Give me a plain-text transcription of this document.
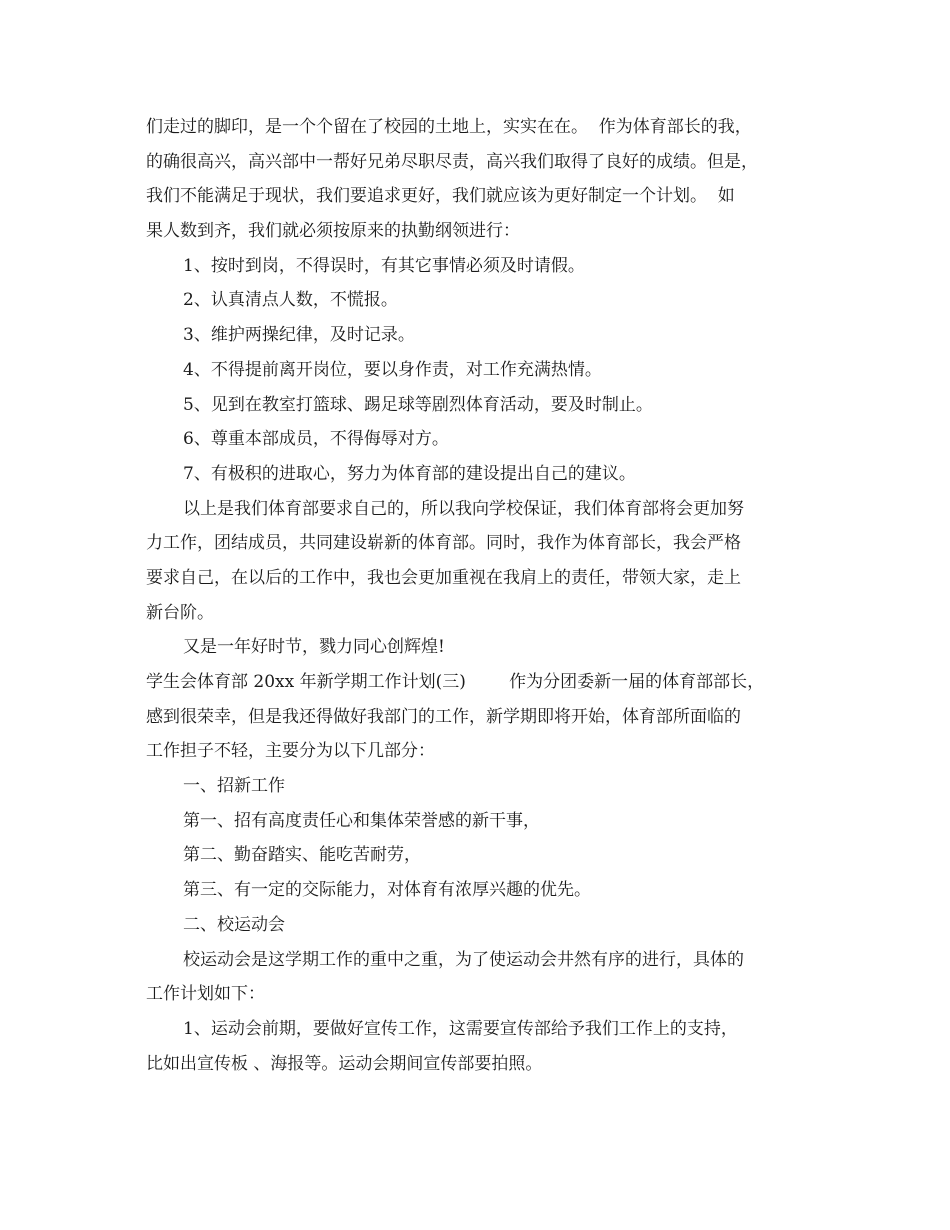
们走过的脚印，是一个个留在了校园的土地上，实实在在。  作为体育部长的我，
的确很高兴，高兴部中一帮好兄弟尽职尽责，高兴我们取得了良好的成绩。但是，
我们不能满足于现状，我们要追求更好，我们就应该为更好制定一个计划。  如
果人数到齐，我们就必须按原来的执勤纲领进行：
1、按时到岗，不得误时，有其它事情必须及时请假。
2、认真清点人数，不慌报。
3、维护两操纪律，及时记录。
4、不得提前离开岗位，要以身作责，对工作充满热情。
5、见到在教室打篮球、踢足球等剧烈体育活动，要及时制止。
6、尊重本部成员，不得侮辱对方。
7、有极积的进取心，努力为体育部的建设提出自己的建议。
以上是我们体育部要求自己的，所以我向学校保证，我们体育部将会更加努
力工作，团结成员，共同建设崭新的体育部。同时，我作为体育部长，我会严格
要求自己，在以后的工作中，我也会更加重视在我肩上的责任，带领大家，走上
新台阶。
又是一年好时节，戮力同心创辉煌!
学生会体育部 20xx 年新学期工作计划(三)        作为分团委新一届的体育部部长，
感到很荣幸，但是我还得做好我部门的工作，新学期即将开始，体育部所面临的
工作担子不轻，主要分为以下几部分：
一、招新工作
第一、招有高度责任心和集体荣誉感的新干事，
第二、勤奋踏实、能吃苦耐劳，
第三、有一定的交际能力，对体育有浓厚兴趣的优先。
二、校运动会
校运动会是这学期工作的重中之重，为了使运动会井然有序的进行，具体的
工作计划如下：
1、运动会前期，要做好宣传工作，这需要宣传部给予我们工作上的支持，
比如出宣传板 、海报等。运动会期间宣传部要拍照。
